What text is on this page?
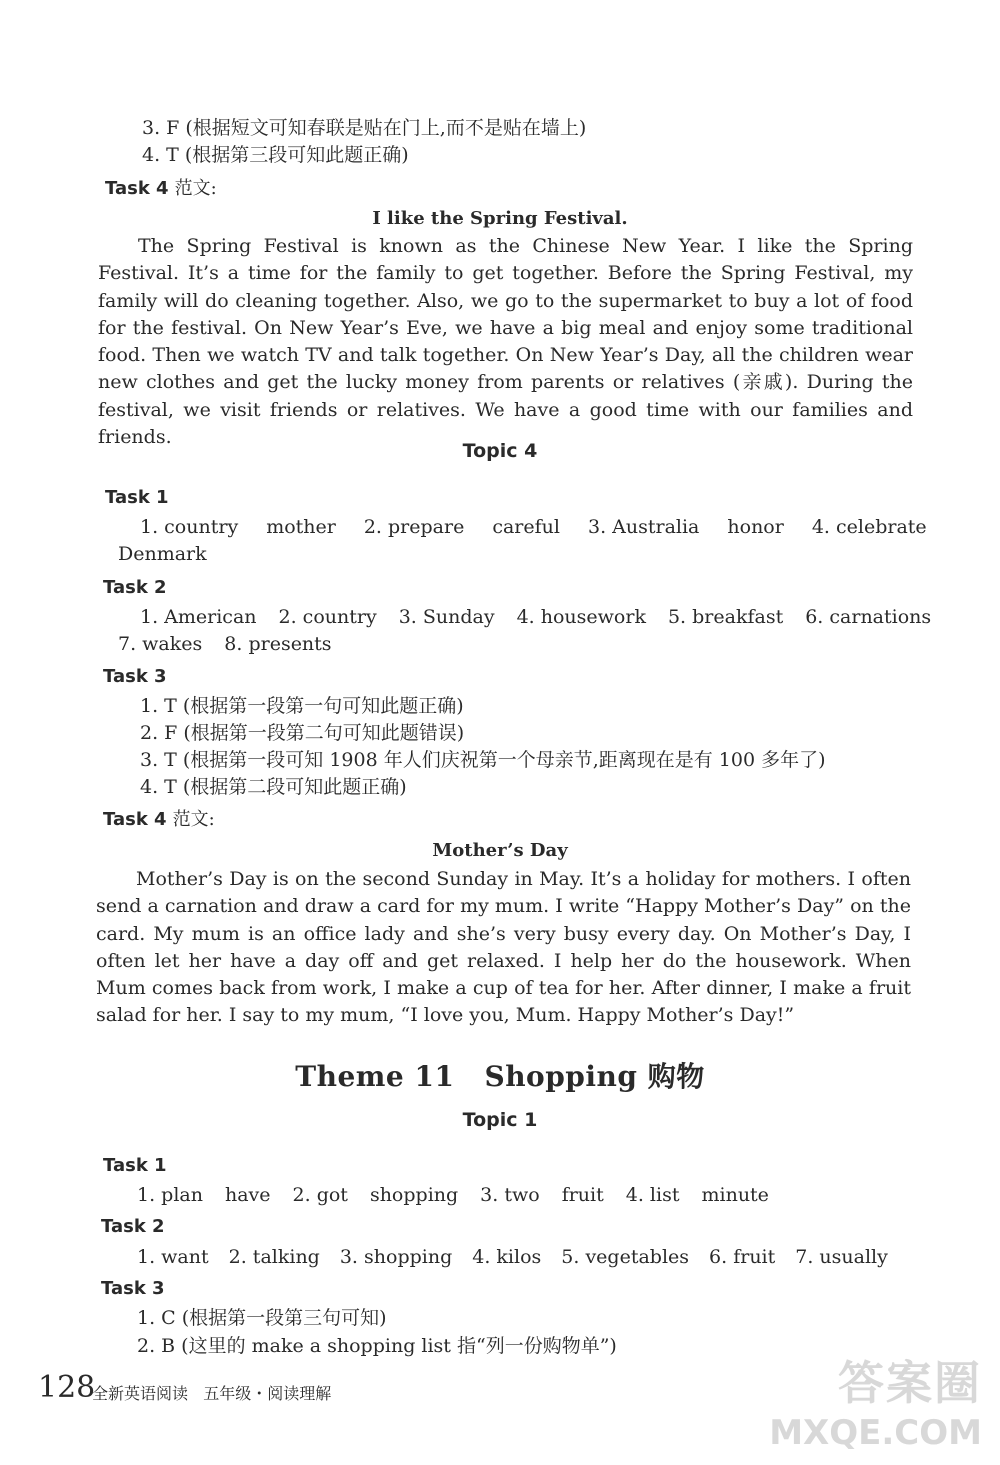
3. F (根据短文可知春联是贴在门上,而不是贴在墙上)
4. T (根据第三段可知此题正确)
Task 4 范文:
I like the Spring Festival.
The Spring Festival is known as the Chinese New Year. I like the Spring Festival. It’s a time for the family to get together. Before the Spring Festival, my family will do cleaning together. Also, we go to the supermarket to buy a lot of food for the festival. On New Year’s Eve, we have a big meal and enjoy some traditional food. Then we watch TV and talk together. On New Year’s Day, all the children wear new clothes and get the lucky money from parents or relatives (亲戚). During the festival, we visit friends or relatives. We have a good time with our families and friends.
Topic 4
Task 1
1. country mother 2. prepare careful 3. Australia honor 4. celebrate
Denmark
Task 2
1. American 2. country 3. Sunday 4. housework 5. breakfast 6. carnations
7. wakes 8. presents
Task 3
1. T (根据第一段第一句可知此题正确)
2. F (根据第一段第二句可知此题错误)
3. T (根据第一段可知 1908 年人们庆祝第一个母亲节,距离现在是有 100 多年了)
4. T (根据第二段可知此题正确)
Task 4 范文:
Mother’s Day
Mother’s Day is on the second Sunday in May. It’s a holiday for mothers. I often send a carnation and draw a card for my mum. I write “Happy Mother’s Day” on the card. My mum is an office lady and she’s very busy every day. On Mother’s Day, I often let her have a day off and get relaxed. I help her do the housework. When Mum comes back from work, I make a cup of tea for her. After dinner, I make a fruit salad for her. I say to my mum, “I love you, Mum. Happy Mother’s Day!”
Theme 11 Shopping 购物
Topic 1
Task 1
1. plan have 2. got shopping 3. two fruit 4. list minute
Task 2
1. want 2. talking 3. shopping 4. kilos 5. vegetables 6. fruit 7. usually
Task 3
1. C (根据第一段第三句可知)
2. B (这里的 make a shopping list 指“列一份购物单”)
128
全新英语阅读   五年级・阅读理解	答案圈
MXQE.COM
